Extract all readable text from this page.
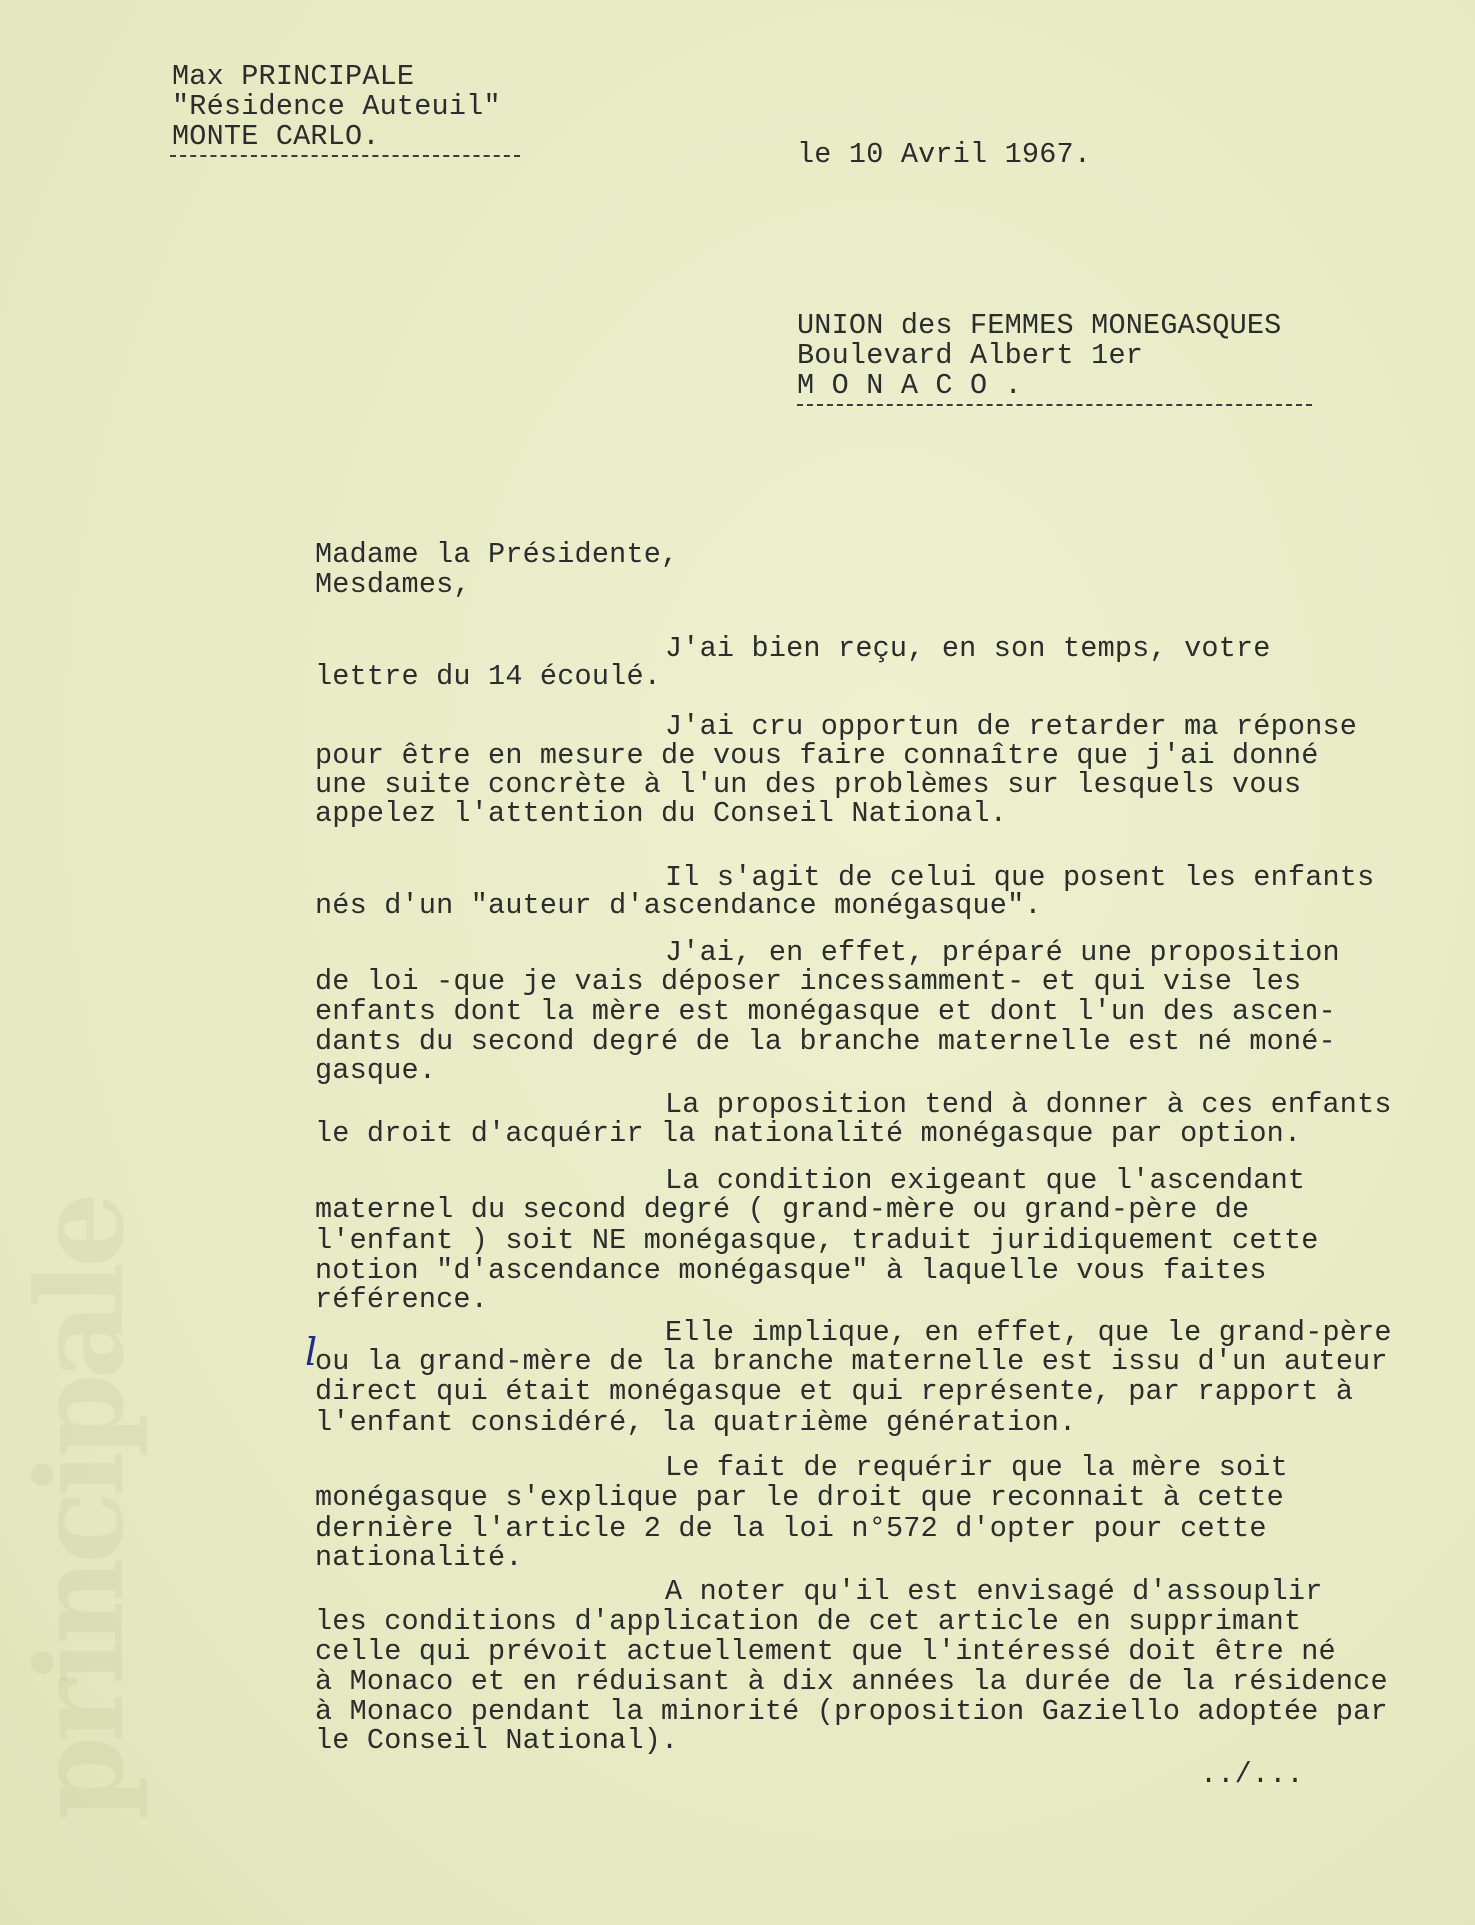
principale
Max PRINCIPALE
"Résidence Auteuil"
MONTE CARLO.
le 10 Avril 1967.
UNION des FEMMES MONEGASQUES
Boulevard Albert 1er
M O N A C O .
Madame la Présidente,
Mesdames,
J'ai bien reçu, en son temps, votre
lettre du 14 écoulé.
J'ai cru opportun de retarder ma réponse
pour être en mesure de vous faire connaître que j'ai donné
une suite concrète à l'un des problèmes sur lesquels vous
appelez l'attention du Conseil National.
Il s'agit de celui que posent les enfants
nés d'un "auteur d'ascendance monégasque".
J'ai, en effet, préparé une proposition
de loi -que je vais déposer incessamment- et qui vise les
enfants dont la mère est monégasque et dont l'un des ascen-
dants du second degré de la branche maternelle est né moné-
gasque.
La proposition tend à donner à ces enfants
le droit d'acquérir la nationalité monégasque par option.
La condition exigeant que l'ascendant
maternel du second degré ( grand-mère ou grand-père de
l'enfant ) soit NE monégasque, traduit juridiquement cette
notion "d'ascendance monégasque" à laquelle vous faites
référence.
Elle implique, en effet, que le grand-père
ou la grand-mère de la branche maternelle est issu d'un auteur
direct qui était monégasque et qui représente, par rapport à
l'enfant considéré, la quatrième génération.
Le fait de requérir que la mère soit
monégasque s'explique par le droit que reconnait à cette
dernière l'article 2 de la loi n°572 d'opter pour cette
nationalité.
A noter qu'il est envisagé d'assouplir
les conditions d'application de cet article en supprimant
celle qui prévoit actuellement que l'intéressé doit être né
à Monaco et en réduisant à dix années la durée de la résidence
à Monaco pendant la minorité (proposition Gaziello adoptée par
le Conseil National).
../...
l
